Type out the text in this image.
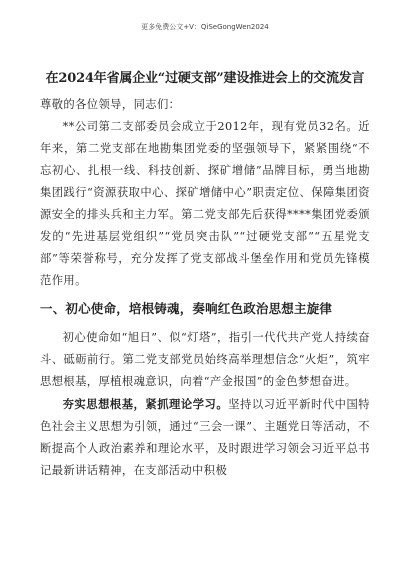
更多免费公文+V：QiSeGongWen2024
在2024年省属企业“过硬支部”建设推进会上的交流发言

尊敬的各位领导，同志们：

**公司第二支部委员会成立于2012年，现有党员32名。近年来，第二党支部在地勘集团党委的坚强领导下，紧紧围绕“不忘初心、扎根一线、科技创新、探矿增储”品牌目标，勇当地勘集团践行“资源获取中心、探矿增储中心”职责定位、保障集团资源安全的排头兵和主力军。第二党支部先后获得****集团党委颁发的“先进基层党组织”“党员突击队”“过硬党支部”“五星党支部”等荣誉称号，充分发挥了党支部战斗堡垒作用和党员先锋模范作用。

一、初心使命，培根铸魂，奏响红色政治思想主旋律

初心使命如“旭日”、似“灯塔”，指引一代代共产党人持续奋斗、砥砺前行。第二党支部党员始终高举理想信念“火炬”，筑牢思想根基，厚植根魂意识，向着“产金报国”的金色梦想奋进。

夯实思想根基，紧抓理论学习。坚持以习近平新时代中国特色社会主义思想为引领，通过“三会一课”、主题党日等活动，不断提高个人政治素养和理论水平，及时跟进学习领会习近平总书记最新讲话精神，在支部活动中积极
